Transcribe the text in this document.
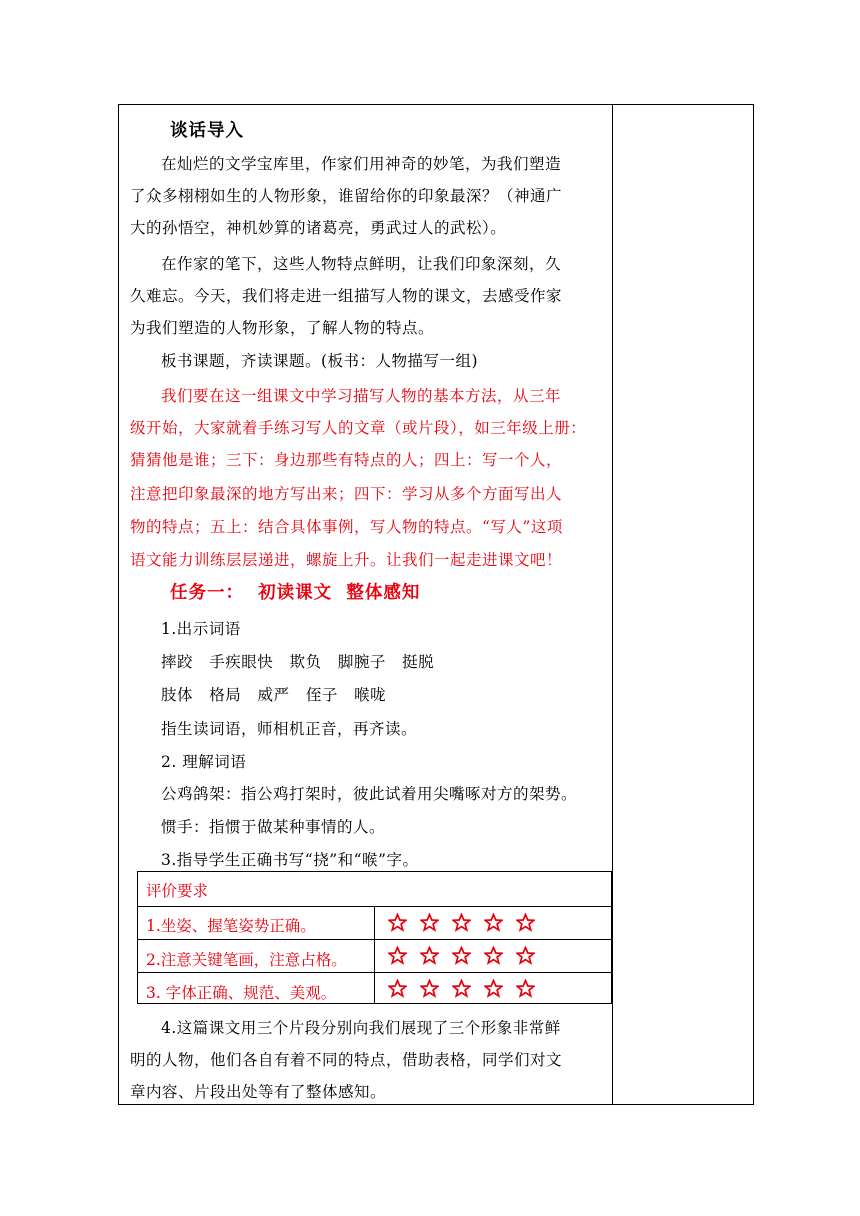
谈话导入
在灿烂的文学宝库里，作家们用神奇的妙笔，为我们塑造
了众多栩栩如生的人物形象，谁留给你的印象最深？（神通广
大的孙悟空，神机妙算的诸葛亮，勇武过人的武松）。
在作家的笔下，这些人物特点鲜明，让我们印象深刻，久
久难忘。今天，我们将走进一组描写人物的课文，去感受作家
为我们塑造的人物形象，了解人物的特点。
板书课题，齐读课题。(板书：人物描写一组)
我们要在这一组课文中学习描写人物的基本方法，从三年
级开始，大家就着手练习写人的文章（或片段），如三年级上册：
猜猜他是谁；三下：身边那些有特点的人；四上：写一个人，
注意把印象最深的地方写出来；四下：学习从多个方面写出人
物的特点；五上：结合具体事例，写人物的特点。“写人”这项
语文能力训练层层递进，螺旋上升。让我们一起走进课文吧！
任务一：  初读课文  整体感知
1.出示词语
摔跤   手疾眼快   欺负   脚腕子   挺脱
肢体   格局   威严   侄子   喉咙
指生读词语，师相机正音，再齐读。
2. 理解词语
公鸡鸽架：指公鸡打架时，彼此试着用尖嘴啄对方的架势。
惯手：指惯于做某种事情的人。
3.指导学生正确书写“挠”和“喉”字。
评价要求
1.坐姿、握笔姿势正确。
2.注意关键笔画，注意占格。
3. 字体正确、规范、美观。
4.这篇课文用三个片段分别向我们展现了三个形象非常鲜
明的人物，他们各自有着不同的特点，借助表格，同学们对文
章内容、片段出处等有了整体感知。
